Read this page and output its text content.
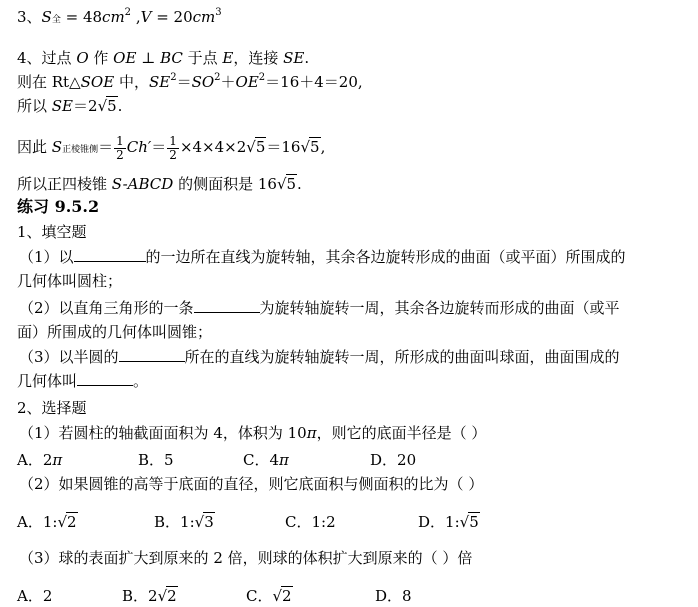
3、S全 = $48cm^2$ $,V = 20cm^3$
4、过点 O 作 OE ⊥ BC 于点 E，连接 SE.
则在 Rt△SOE 中，$SE^2=SO^2+OE^2=16+4=20$,
所以 SE＝2√5.
因此 S正棱锥侧＝ $\frac{1}{2} Ch'= \frac{1}{2} \times 4\times 4\times 2√5=16√5$,
所以正四棱锥 S-ABCD 的侧面积是 16√5.
练习 9.5.2
1、填空题
（1）以	的一边所在直线为旋转轴，其余各边旋转形成的曲面（或平面）所围成的
几何体叫圆柱；
（2）以直角三角形的一条	为旋转轴旋转一周，其余各边旋转而形成的曲面（或平
面）所围成的几何体叫圆锥；
（3）以半圆的	所在的直线为旋转轴旋转一周，所形成的曲面叫球面，曲面围成的
几何体叫	。
2、选择题
（1）若圆柱的轴截面面积为 4，体积为 10π，则它的底面半径是（ ）
A．2π	B．5	C．4π	D．20
（2）如果圆锥的高等于底面的直径，则它底面积与侧面积的比为（ ）
A．1:√2	B．1:√3	C．1:2	D．1:√5
（3）球的表面扩大到原来的 2 倍，则球的体积扩大到原来的（ ）倍
A．2	B．2√2	C．√2	D．8
